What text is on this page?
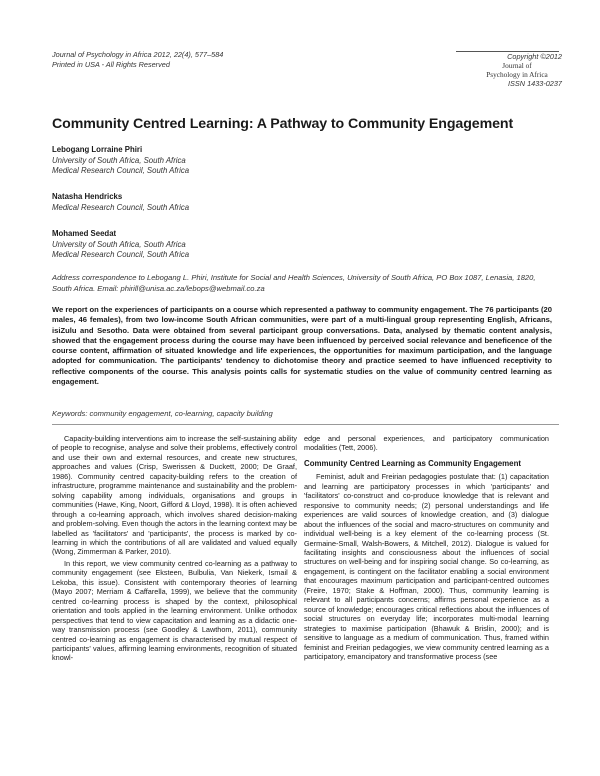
Journal of Psychology in Africa 2012, 22(4), 577–584
Printed in USA - All Rights Reserved
Copyright ©2012
Journal of
Psychology in Africa
ISSN 1433-0237
Community Centred Learning: A Pathway to Community Engagement
Lebogang Lorraine Phiri
University of South Africa, South Africa
Medical Research Council, South Africa
Natasha Hendricks
Medical Research Council, South Africa
Mohamed Seedat
University of South Africa, South Africa
Medical Research Council, South Africa
Address correspondence to Lebogang L. Phiri, Institute for Social and Health Sciences, University of South Africa, PO Box 1087, Lenasia, 1820, South Africa. Email: phirill@unisa.ac.za/lebops@webmail.co.za
We report on the experiences of participants on a course which represented a pathway to community engagement. The 76 participants (20 males, 46 females), from two low-income South African communities, were part of a multi-lingual group representing English, Africans, isiZulu and Sesotho. Data were obtained from several participant group conversations. Data, analysed by thematic content analysis, showed that the engagement process during the course may have been influenced by perceived social relevance and beneficence of the course content, affirmation of situated knowledge and life experiences, the opportunities for maximum participation, and the language adopted for communication. The participants' tendency to dichotomise theory and practice seemed to have influenced receptivity to reflective components of the course. This analysis points calls for systematic studies on the value of community centred learning as engagement.
Keywords: community engagement, co-learning, capacity building

Capacity-building interventions aim to increase the self-sustaining ability of people to recognise, analyse and solve their problems, effectively control and use their own and external resources, and create new structures, approaches and values (Crisp, Swerissen & Duckett, 2000; De Graaf, 1986). Community centred capacity-building refers to the creation of infrastructure, programme maintenance and sustainability and the problem-solving capability among individuals, organisations and groups in communities (Hawe, King, Noort, Gifford & Lloyd, 1998). It is often achieved through a co-learning approach, which involves shared decision-making and problem-solving. Even though the actors in the learning context may be labelled as 'facilitators' and 'participants', the process is marked by co-learning in which the contributions of all are validated and valued equally (Wong, Zimmerman & Parker, 2010).

In this report, we view community centred co-learning as a pathway to community engagement (see Eksteen, Bulbulia, Van Niekerk, Ismail & Lekoba, this issue). Consistent with contemporary theories of learning (Mayo 2007; Merriam & Caffarella, 1999), we believe that the community centred co-learning process is shaped by the context, philosophical orientation and tools applied in the learning environment. Unlike orthodox perspectives that tend to view capacitation and learning as a didactic one-way transmission process (see Goodley & Lawthom, 2011), community centred co-learning as engagement is characterised by mutual respect of participants' values, affirming learning environments, recognition of situated knowl-

edge and personal experiences, and participatory communication modalities (Tett, 2006).

Community Centred Learning as Community Engagement

Feminist, adult and Freirian pedagogies postulate that: (1) capacitation and learning are participatory processes in which 'participants' and 'facilitators' co-construct and co-produce knowledge that is relevant and responsive to community needs; (2) personal understandings and life experiences are valid sources of knowledge creation, and (3) dialogue about the influences of the social and macro-structures on community and individual well-being is a key element of the co-learning process (St. Germaine-Small, Walsh-Bowers, & Mitchell, 2012). Dialogue is valued for facilitating insights and consciousness about the influences of social structures on well-being and for inspiring social change. So co-learning, as engagement, is contingent on the facilitator enabling a social environment that encourages maximum participation and participant-centred outcomes (Freire, 1970; Stake & Hoffman, 2000). Thus, community learning is relevant to all participants concerns; affirms personal experience as a source of knowledge; encourages critical reflections about the influences of social structures on everyday life; incorporates multi-modal learning strategies to maximise participation (Bhawuk & Brislin, 2000); and is sensitive to language as a medium of communication. Thus, framed within feminist and Freirian pedagogies, we view community centred learning as a participatory, emancipatory and transformative process (see
